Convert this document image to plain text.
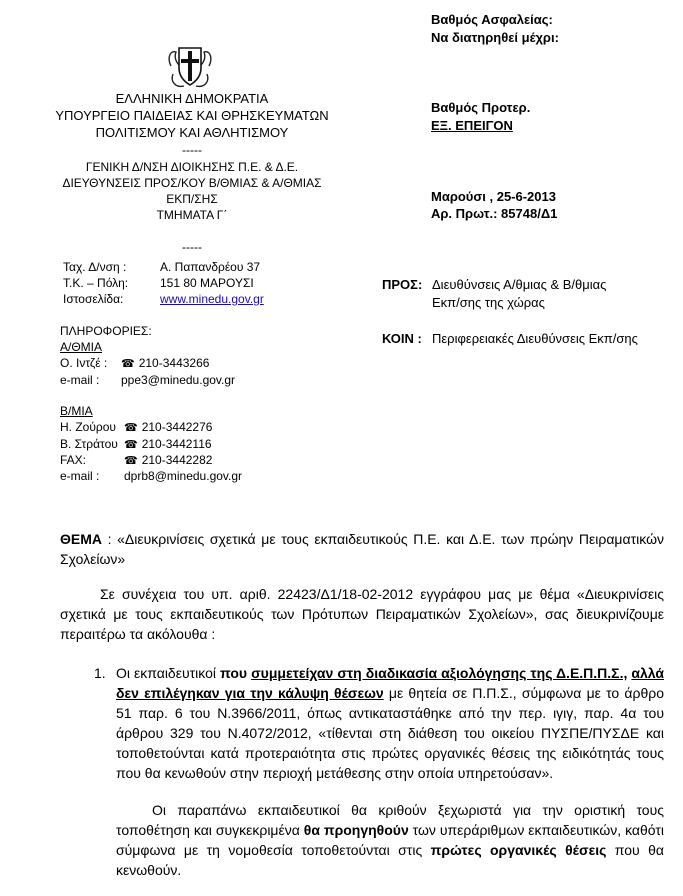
Βαθμός Ασφαλείας:
Να διατηρηθεί μέχρι:
Βαθμός Προτερ.
ΕΞ. ΕΠΕΙΓΟΝ
ΕΛΛΗΝΙΚΗ ΔΗΜΟΚΡΑΤΙΑ
ΥΠΟΥΡΓΕΙΟ ΠΑΙΔΕΙΑΣ ΚΑΙ ΘΡΗΣΚΕΥΜΑΤΩΝ
ΠΟΛΙΤΙΣΜΟΥ ΚΑΙ ΑΘΛΗΤΙΣΜΟΥ
-----
ΓΕΝΙΚΗ Δ/ΝΣΗ ΔΙΟΙΚΗΣΗΣ Π.Ε. & Δ.Ε.
ΔΙΕΥΘΥΝΣΕΙΣ ΠΡΟΣ/ΚΟΥ Β/ΘΜΙΑΣ & Α/ΘΜΙΑΣ
ΕΚΠ/ΣΗΣ
ΤΜΗΜΑΤΑ Γ΄
-----
Μαρούσι , 25-6-2013
Αρ. Πρωτ.: 85748/Δ1
Ταχ. Δ/νση :	Α. Παπανδρέου 37
Τ.Κ. – Πόλη:	151 80 ΜΑΡΟΥΣΙ
Ιστοσελίδα:	www.minedu.gov.gr
ΠΡΟΣ: Διευθύνσεις Α/θμιας & Β/θμιας
Εκπ/σης της χώρας
ΚΟΙΝ : Περιφερειακές Διευθύνσεις Εκπ/σης
ΠΛΗΡΟΦΟΡΙΕΣ:
Α/ΘΜΙΑ
Ο. Ιντζέ :	☎ 210-3443266
e-mail : ppe3@minedu.gov.gr
Β/ΜΙΑ
Η. Ζούρου	☎ 210-3442276
Β. Στράτου	☎ 210-3442116
FAX:	☎ 210-3442282
e-mail : dprb8@minedu.gov.gr
ΘΕΜΑ : «Διευκρινίσεις σχετικά με τους εκπαιδευτικούς Π.Ε. και Δ.Ε. των πρώην Πειραματικών Σχολείων»
Σε συνέχεια του υπ. αριθ. 22423/Δ1/18-02-2012 εγγράφου μας με θέμα «Διευκρινίσεις σχετικά με τους εκπαιδευτικούς των Πρότυπων Πειραματικών Σχολείων», σας διευκρινίζουμε περαιτέρω τα ακόλουθα :
1. Οι εκπαιδευτικοί που συμμετείχαν στη διαδικασία αξιολόγησης της Δ.Ε.Π.Π.Σ., αλλά δεν επιλέγηκαν για την κάλυψη θέσεων με θητεία σε Π.Π.Σ., σύμφωνα με το άρθρο 51 παρ. 6 του Ν.3966/2011, όπως αντικαταστάθηκε από την περ. ιγιγ, παρ. 4α του άρθρου 329 του Ν.4072/2012, «τίθενται στη διάθεση του οικείου ΠΥΣΠΕ/ΠΥΣΔΕ και τοποθετούνται κατά προτεραιότητα στις πρώτες οργανικές θέσεις της ειδικότητάς τους που θα κενωθούν στην περιοχή μετάθεσης στην οποία υπηρετούσαν».
Οι παραπάνω εκπαιδευτικοί θα κριθούν ξεχωριστά για την οριστική τους τοποθέτηση και συγκεκριμένα θα προηγηθούν των υπεράριθμων εκπαιδευτικών, καθότι σύμφωνα με τη νομοθεσία τοποθετούνται στις πρώτες οργανικές θέσεις που θα κενωθούν.
